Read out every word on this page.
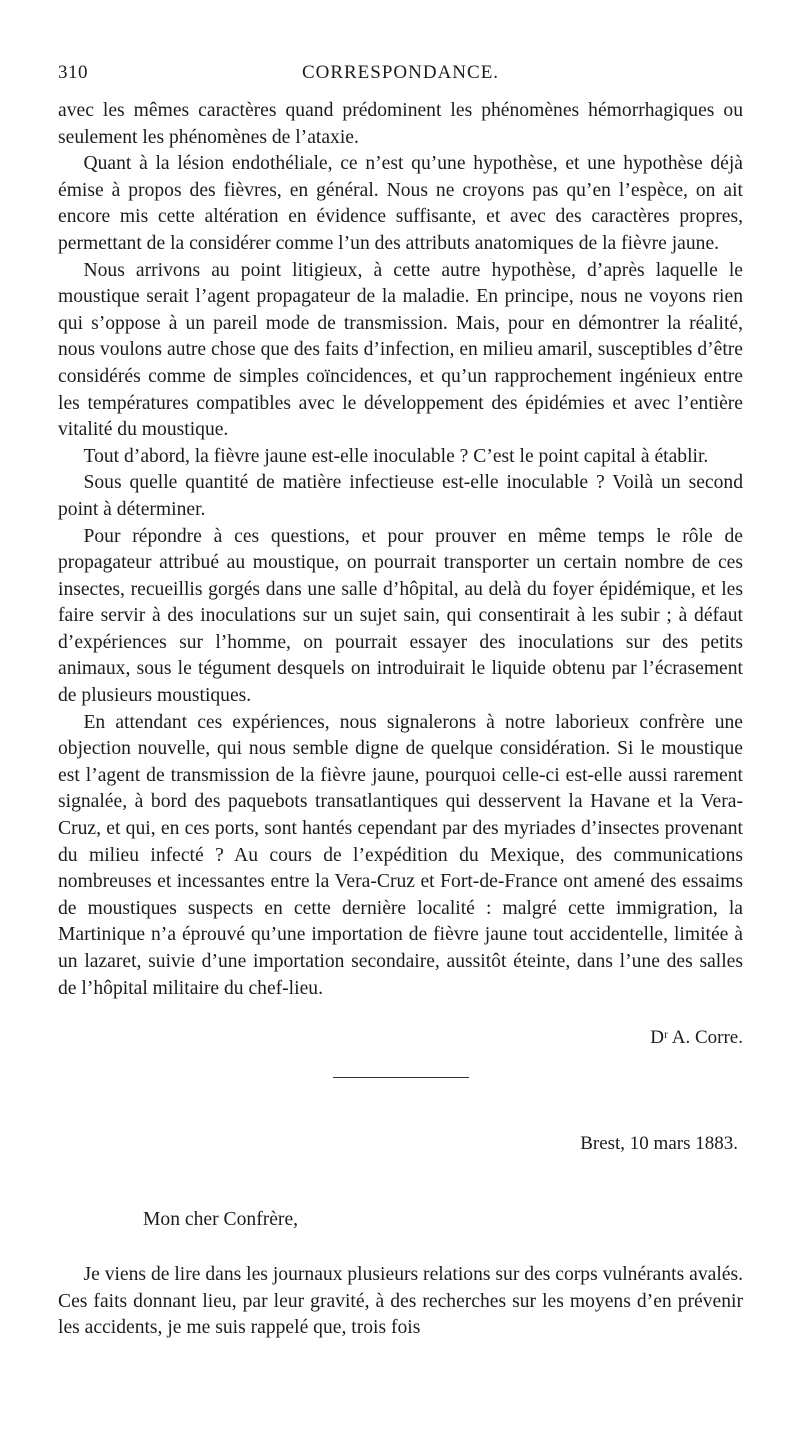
310	CORRESPONDANCE.

avec les mêmes caractères quand prédominent les phénomènes hémorrhagiques ou seulement les phénomènes de l’ataxie.

Quant à la lésion endothéliale, ce n’est qu’une hypothèse, et une hypothèse déjà émise à propos des fièvres, en général. Nous ne croyons pas qu’en l’espèce, on ait encore mis cette altération en évidence suffisante, et avec des caractères propres, permettant de la considérer comme l’un des attributs anatomiques de la fièvre jaune.

Nous arrivons au point litigieux, à cette autre hypothèse, d’après laquelle le moustique serait l’agent propagateur de la maladie. En principe, nous ne voyons rien qui s’oppose à un pareil mode de transmission. Mais, pour en démontrer la réalité, nous voulons autre chose que des faits d’infection, en milieu amaril, susceptibles d’être considérés comme de simples coïncidences, et qu’un rapprochement ingénieux entre les températures compatibles avec le développement des épidémies et avec l’entière vitalité du moustique.

Tout d’abord, la fièvre jaune est-elle inoculable ? C’est le point capital à établir.

Sous quelle quantité de matière infectieuse est-elle inoculable ? Voilà un second point à déterminer.

Pour répondre à ces questions, et pour prouver en même temps le rôle de propagateur attribué au moustique, on pourrait transporter un certain nombre de ces insectes, recueillis gorgés dans une salle d’hôpital, au delà du foyer épidémique, et les faire servir à des inoculations sur un sujet sain, qui consentirait à les subir ; à défaut d’expériences sur l’homme, on pourrait essayer des inoculations sur des petits animaux, sous le tégument desquels on introduirait le liquide obtenu par l’écrasement de plusieurs moustiques.

En attendant ces expériences, nous signalerons à notre laborieux confrère une objection nouvelle, qui nous semble digne de quelque considération. Si le moustique est l’agent de transmission de la fièvre jaune, pourquoi celle-ci est-elle aussi rarement signalée, à bord des paquebots transatlantiques qui desservent la Havane et la Vera-Cruz, et qui, en ces ports, sont hantés cependant par des myriades d’insectes provenant du milieu infecté ? Au cours de l’expédition du Mexique, des communications nombreuses et incessantes entre la Vera-Cruz et Fort-de-France ont amené des essaims de moustiques suspects en cette dernière localité : malgré cette immigration, la Martinique n’a éprouvé qu’une importation de fièvre jaune tout accidentelle, limitée à un lazaret, suivie d’une importation secondaire, aussitôt éteinte, dans l’une des salles de l’hôpital militaire du chef-lieu.

Dʳ A. Corre.
Brest, 10 mars 1883.
Mon cher Confrère,

Je viens de lire dans les journaux plusieurs relations sur des corps vulnérants avalés. Ces faits donnant lieu, par leur gravité, à des recherches sur les moyens d’en prévenir les accidents, je me suis rappelé que, trois fois
